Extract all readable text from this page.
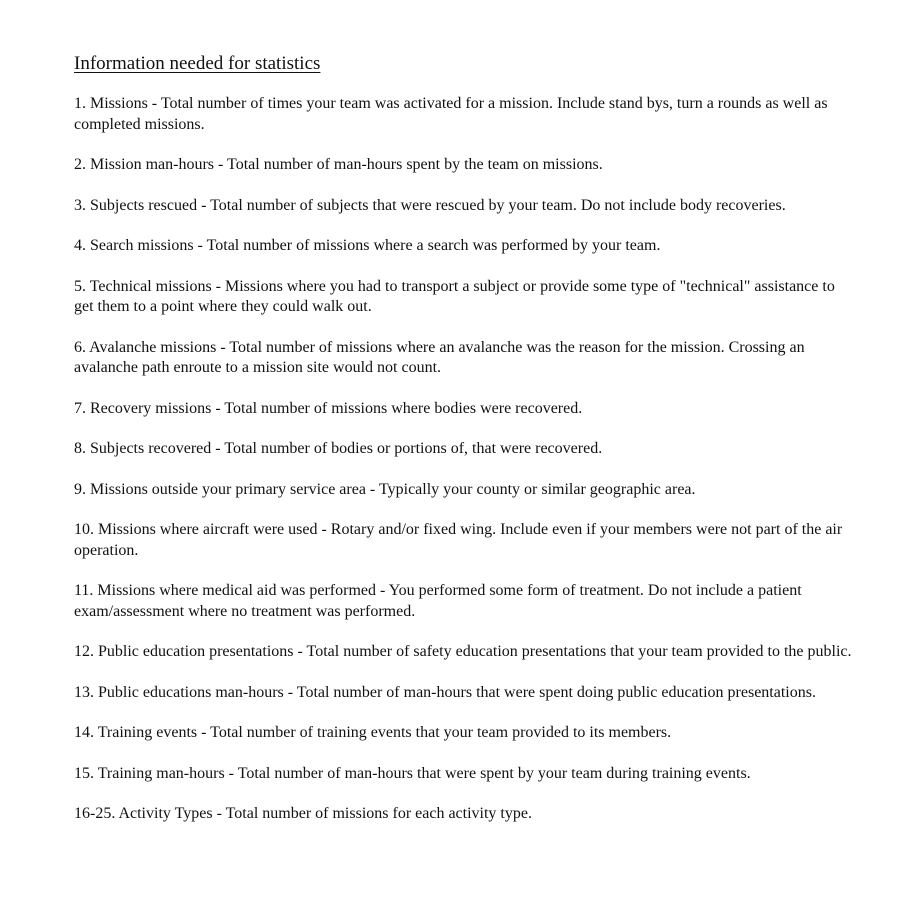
Information needed for statistics
1. Missions - Total number of times your team was activated for a mission. Include stand bys, turn a rounds as well as completed missions.
2. Mission man-hours - Total number of man-hours spent by the team on missions.
3. Subjects rescued - Total number of subjects that were rescued by your team. Do not include body recoveries.
4. Search missions - Total number of missions where a search was performed by your team.
5. Technical missions - Missions where you had to transport a subject or provide some type of "technical" assistance to get them to a point where they could walk out.
6. Avalanche missions - Total number of missions where an avalanche was the reason for the mission. Crossing an avalanche path enroute to a mission site would not count.
7. Recovery missions - Total number of missions where bodies were recovered.
8. Subjects recovered - Total number of bodies or portions of, that were recovered.
9. Missions outside your primary service area - Typically your county or similar geographic area.
10. Missions where aircraft were used - Rotary and/or fixed wing. Include even if your members were not part of the air operation.
11. Missions where medical aid was performed - You performed some form of treatment. Do not include a patient exam/assessment where no treatment was performed.
12. Public education presentations - Total number of safety education presentations that your team provided to the public.
13. Public educations man-hours - Total number of man-hours that were spent doing public education presentations.
14. Training events - Total number of training events that your team provided to its members.
15. Training man-hours - Total number of man-hours that were spent by your team during training events.
16-25. Activity Types - Total number of missions for each activity type.
